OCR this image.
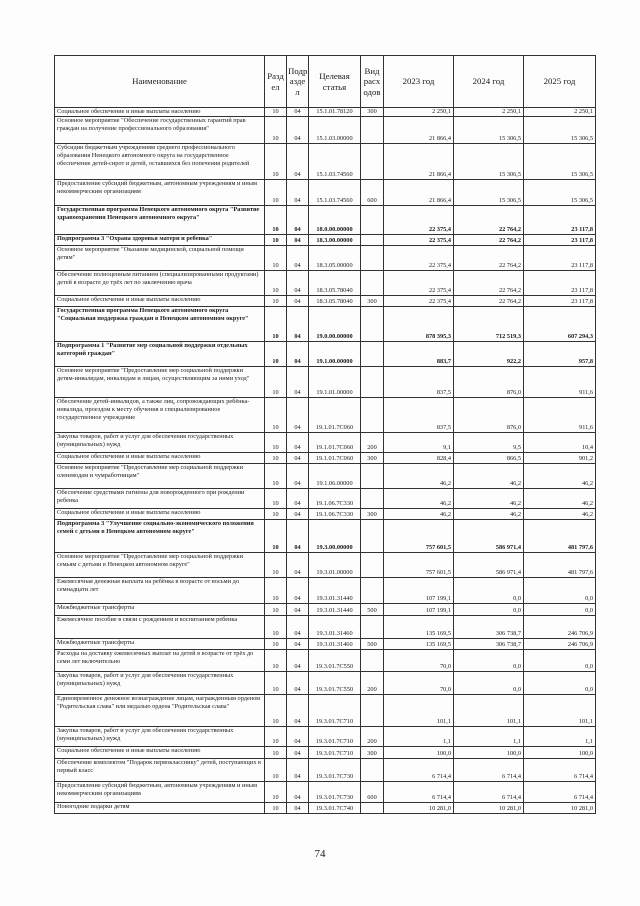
Наименование	Разд ел	Подр азде л	Целевая статья	Вид расх одов	2023 год	2024 год	2025 год
Социальное обеспечение и иные выплаты населению	10	04	15.1.01.78120	300	2 250,1	2 250,1	2 250,1
Основное мероприятие "Обеспечение государственных гарантий прав граждан на получение профессионального образования"	10	04	15.1.03.00000		21 866,4	15 306,5	15 306,5
Субсидии бюджетным учреждениям среднего профессионального образования Ненецкого автономного округа на государственное обеспечение детей-сирот и детей, оставшихся без попечения родителей	10	04	15.1.03.74560		21 866,4	15 306,5	15 306,5
Предоставление субсидий бюджетным, автономным учреждениям и иным некоммерческим организациям	10	04	15.1.03.74560	600	21 866,4	15 306,5	15 306,5
Государственная программа Ненецкого автономного округа "Развитие здравоохранения Ненецкого автономного округа"	10	04	18.0.00.00000		22 375,4	22 764,2	23 117,8
Подпрограмма 3 "Охрана здоровья матери и ребенка"	10	04	18.3.00.00000		22 375,4	22 764,2	23 117,8
Основное мероприятие "Оказание медицинской, социальной помощи детям"	10	04	18.3.05.00000		22 375,4	22 764,2	23 117,8
Обеспечение полноценным питанием (специализированными продуктами) детей в возрасте до трёх лет по заключению врача	10	04	18.3.05.78040		22 375,4	22 764,2	23 117,8
Социальное обеспечение и иные выплаты населению	10	04	18.3.05.78040	300	22 375,4	22 764,2	23 117,8
Государственная программа Ненецкого автономного округа "Социальная поддержка граждан в Ненецком автономном округе"	10	04	19.0.00.00000		878 395,3	712 519,3	607 294,3
Подпрограмма 1 "Развитие мер социальной поддержки отдельных категорий граждан"	10	04	19.1.00.00000		883,7	922,2	957,8
Основное мероприятие "Предоставление мер социальной поддержки детям-инвалидам, инвалидам и лицам, осуществляющим за ними уход"	10	04	19.1.01.00000		837,5	876,0	911,6
Обеспечение детей-инвалидов, а также лиц, сопровождающих ребёнка-инвалида, проездом к месту обучения в специализированное государственное учреждение	10	04	19.1.01.7C060		837,5	876,0	911,6
Закупка товаров, работ и услуг для обеспечения государственных (муниципальных) нужд	10	04	19.1.01.7C060	200	9,1	9,5	10,4
Социальное обеспечение и иные выплаты населению	10	04	19.1.01.7C060	300	828,4	866,5	901,2
Основное мероприятие "Предоставление мер социальной поддержки оленеводам и чумработницам"	10	04	19.1.06.00000		46,2	46,2	46,2
Обеспечение средствами гигиены для новорожденного при рождении ребенка	10	04	19.1.06.7C330		46,2	46,2	46,2
Социальное обеспечение и иные выплаты населению	10	04	19.1.06.7C330	300	46,2	46,2	46,2
Подпрограмма 3 "Улучшение социально-экономического положения семей с детьми в Ненецком автономном округе"	10	04	19.3.00.00000		757 601,5	586 971,4	481 797,6
Основное мероприятие "Предоставление мер социальной поддержки семьям с детьми в Ненецком автономном округе"	10	04	19.3.01.00000		757 601,5	586 971,4	481 797,6
Ежемесячная денежная выплата на ребёнка в возрасте от восьми до семнадцати лет	10	04	19.3.01.31440		107 199,1	0,0	0,0
Межбюджетные трансферты	10	04	19.3.01.31440	500	107 199,1	0,0	0,0
Ежемесячное пособие в связи с рождением и воспитанием ребенка	10	04	19.3.01.31460		135 169,5	306 738,7	246 706,9
Межбюджетные трансферты	10	04	19.3.01.31460	500	135 169,5	306 738,7	246 706,9
Расходы на доставку ежемесячных выплат на детей в возрасте от трёх до семи лет включительно	10	04	19.3.01.7C550		70,0	0,0	0,0
Закупка товаров, работ и услуг для обеспечения государственных (муниципальных) нужд	10	04	19.3.01.7C550	200	70,0	0,0	0,0
Единовременное денежное вознаграждение лицам, награжденным орденом "Родительская слава" или медалью ордена "Родительская слава"	10	04	19.3.01.7C710		101,1	101,1	101,1
Закупка товаров, работ и услуг для обеспечения государственных (муниципальных) нужд	10	04	19.3.01.7C710	200	1,1	1,1	1,1
Социальное обеспечение и иные выплаты населению	10	04	19.3.01.7C710	300	100,0	100,0	100,0
Обеспечение комплектом "Подарок первокласснику" детей, поступающих в первый класс	10	04	19.3.01.7C730		6 714,4	6 714,4	6 714,4
Предоставление субсидий бюджетным, автономным учреждениям и иным некоммерческим организациям	10	04	19.3.01.7C730	600	6 714,4	6 714,4	6 714,4
Новогодние подарки детям	10	04	19.3.01.7C740		10 281,0	10 281,0	10 281,0
74
